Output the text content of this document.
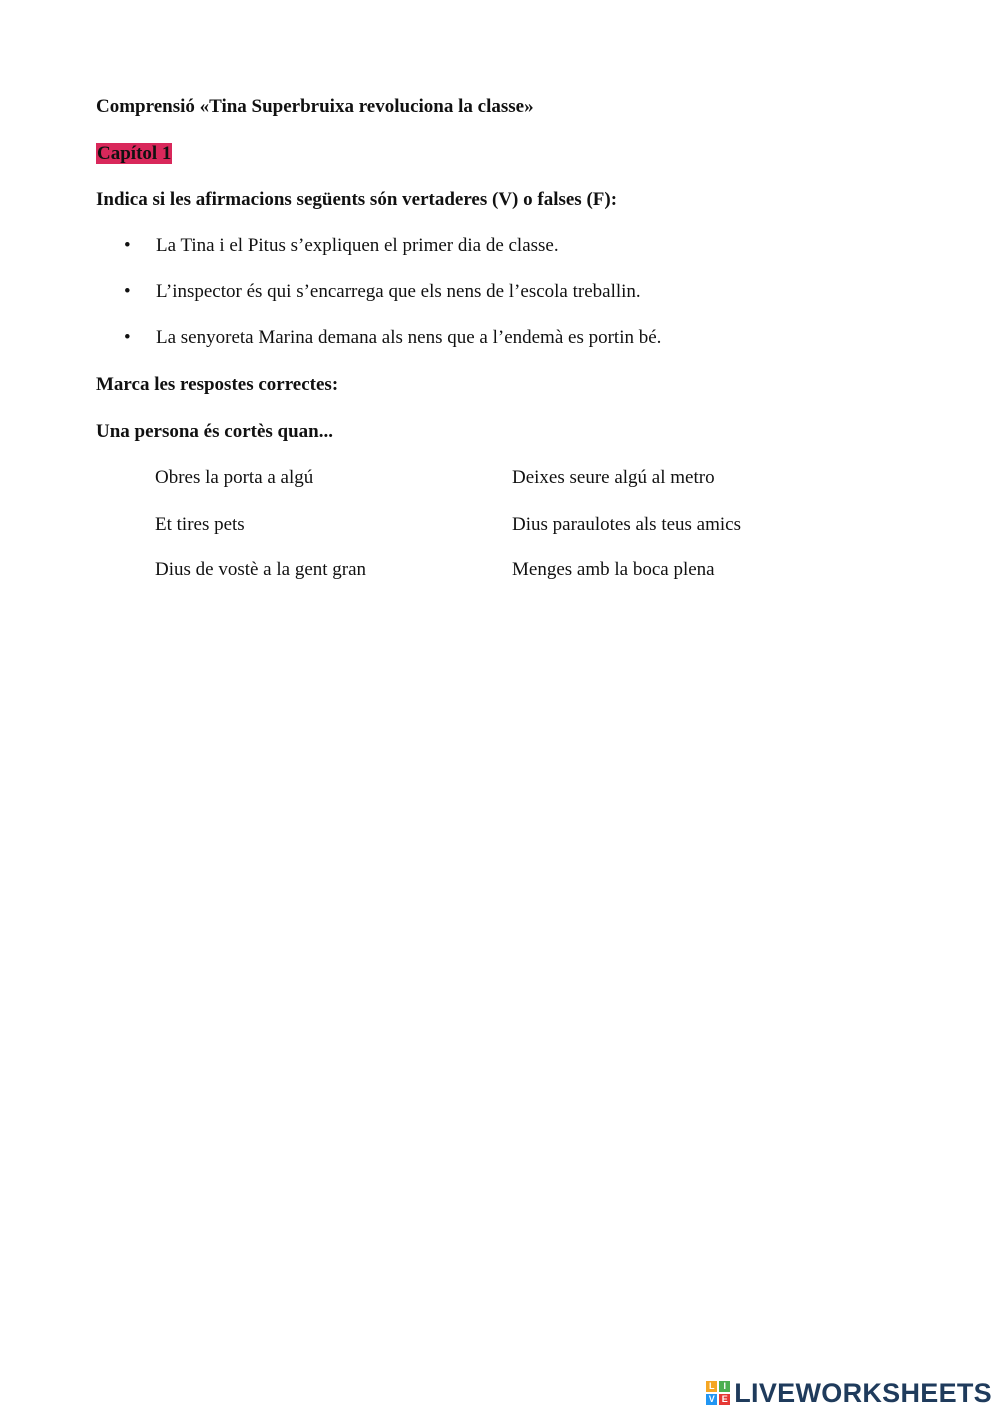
Comprensió «Tina Superbruixa revoluciona la classe»
Capítol 1
Indica si les afirmacions següents són vertaderes (V) o falses (F):
• La Tina i el Pitus s’expliquen el primer dia de classe.
• L’inspector és qui s’encarrega que els nens de l’escola treballin.
• La senyoreta Marina demana als nens que a l’endemà es portin bé.
Marca les respostes correctes:
Una persona és cortès quan...
Obres la porta a algú	Deixes seure algú al metro
Et tires pets	Dius paraulotes als teus amics
Dius de vostè a la gent gran	Menges amb la boca plena
L I
V E LIVEWORKSHEETS
